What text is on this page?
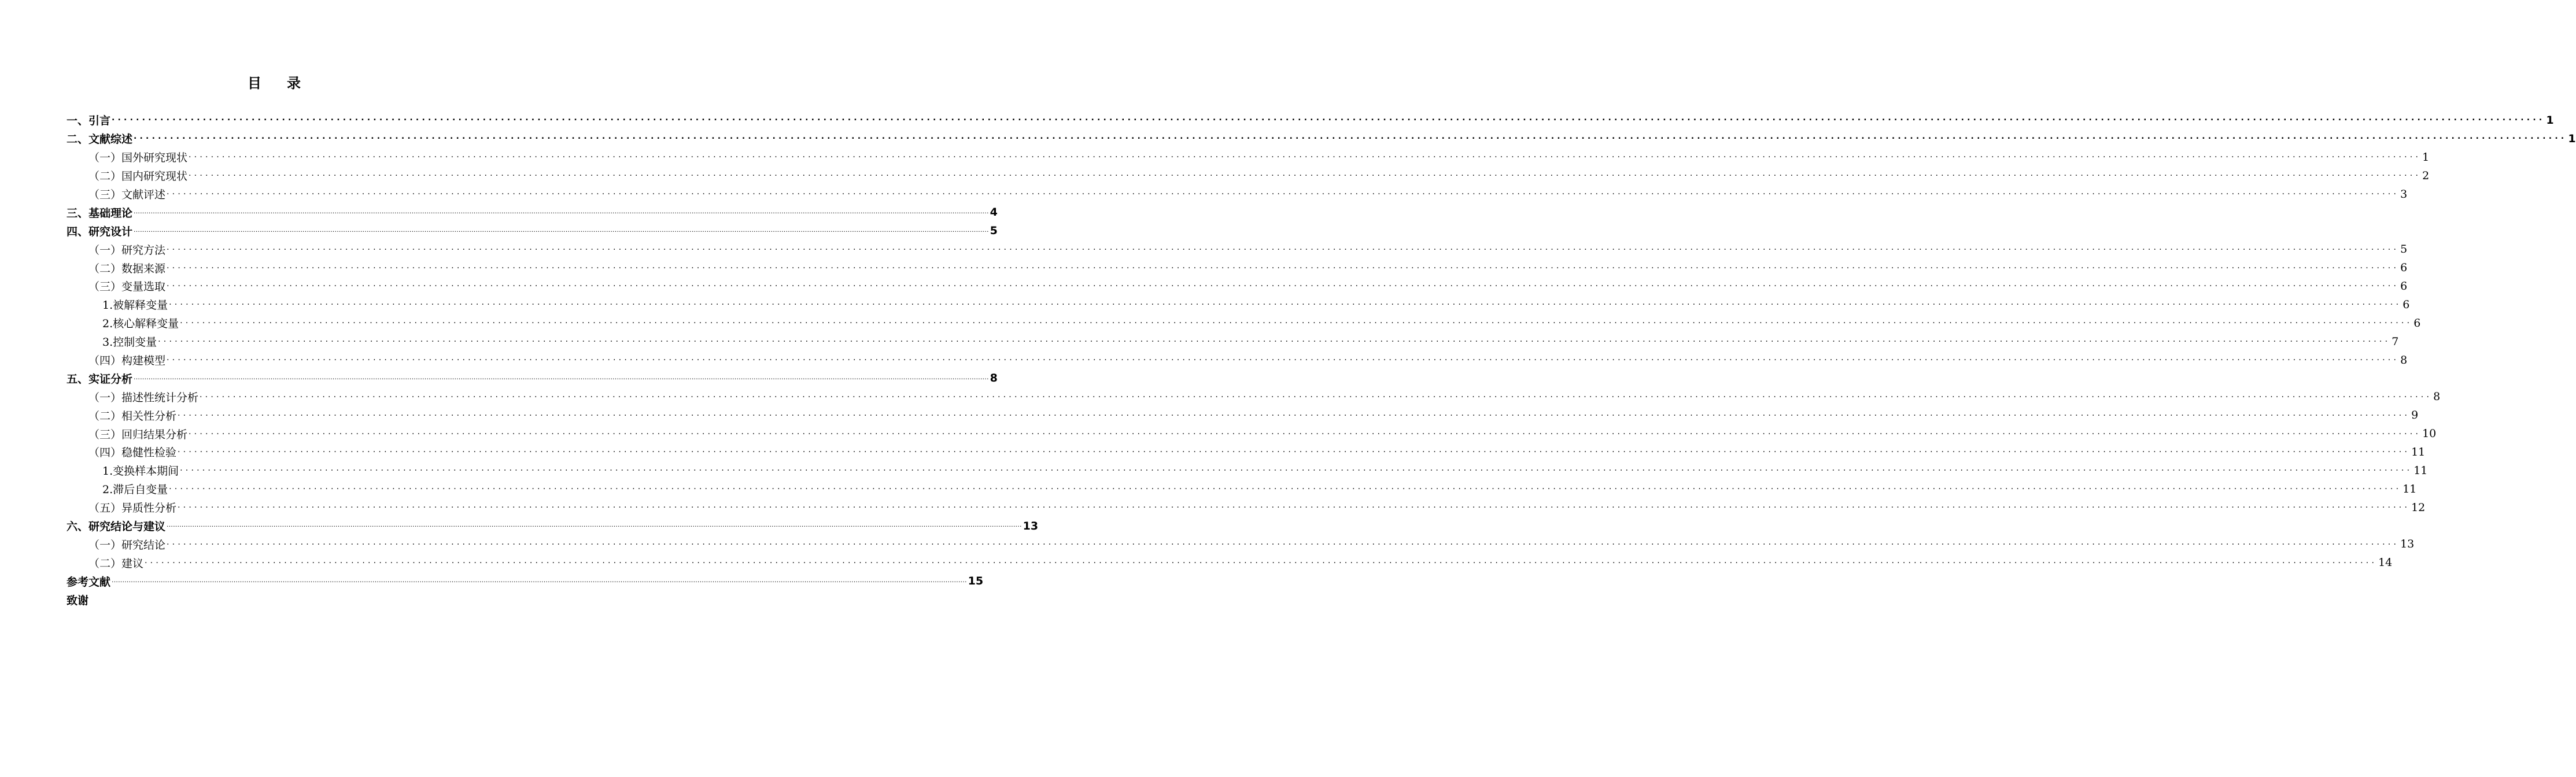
目 录
一、引言 ................................................................................................................................................................................................................................................................................................................................................................................................................ 1
二、文献综述 ................................................................................................................................................................................................................................................................................................................................................................................................................ 1
（一）国外研究现状 ................................................................................................................................................................................................................................................................................................................................................................................................................ 1
（二）国内研究现状 ................................................................................................................................................................................................................................................................................................................................................................................................................ 2
（三）文献评述 ................................................................................................................................................................................................................................................................................................................................................................................................................ 3
三、基础理论 ................................................................................................................................................................................................................................................................................................................................................................................................................ 4
四、研究设计 ................................................................................................................................................................................................................................................................................................................................................................................................................ 5
（一）研究方法 ................................................................................................................................................................................................................................................................................................................................................................................................................ 5
（二）数据来源 ................................................................................................................................................................................................................................................................................................................................................................................................................ 6
（三）变量选取 ................................................................................................................................................................................................................................................................................................................................................................................................................ 6
1.被解释变量 ................................................................................................................................................................................................................................................................................................................................................................................................................ 6
2.核心解释变量 ................................................................................................................................................................................................................................................................................................................................................................................................................ 6
3.控制变量 ................................................................................................................................................................................................................................................................................................................................................................................................................ 7
（四）构建模型 ................................................................................................................................................................................................................................................................................................................................................................................................................ 8
五、实证分析 ................................................................................................................................................................................................................................................................................................................................................................................................................ 8
（一）描述性统计分析 ................................................................................................................................................................................................................................................................................................................................................................................................................ 8
（二）相关性分析 ................................................................................................................................................................................................................................................................................................................................................................................................................ 9
（三）回归结果分析 ................................................................................................................................................................................................................................................................................................................................................................................................................ 10
（四）稳健性检验 ................................................................................................................................................................................................................................................................................................................................................................................................................ 11
1.变换样本期间 ................................................................................................................................................................................................................................................................................................................................................................................................................ 11
2.滞后自变量 ................................................................................................................................................................................................................................................................................................................................................................................................................ 11
（五）异质性分析 ................................................................................................................................................................................................................................................................................................................................................................................................................ 12
六、研究结论与建议 ................................................................................................................................................................................................................................................................................................................................................................................................................ 13
（一）研究结论 ................................................................................................................................................................................................................................................................................................................................................................................................................ 13
（二）建议 ................................................................................................................................................................................................................................................................................................................................................................................................................ 14
参考文献 ................................................................................................................................................................................................................................................................................................................................................................................................................ 15
致谢
